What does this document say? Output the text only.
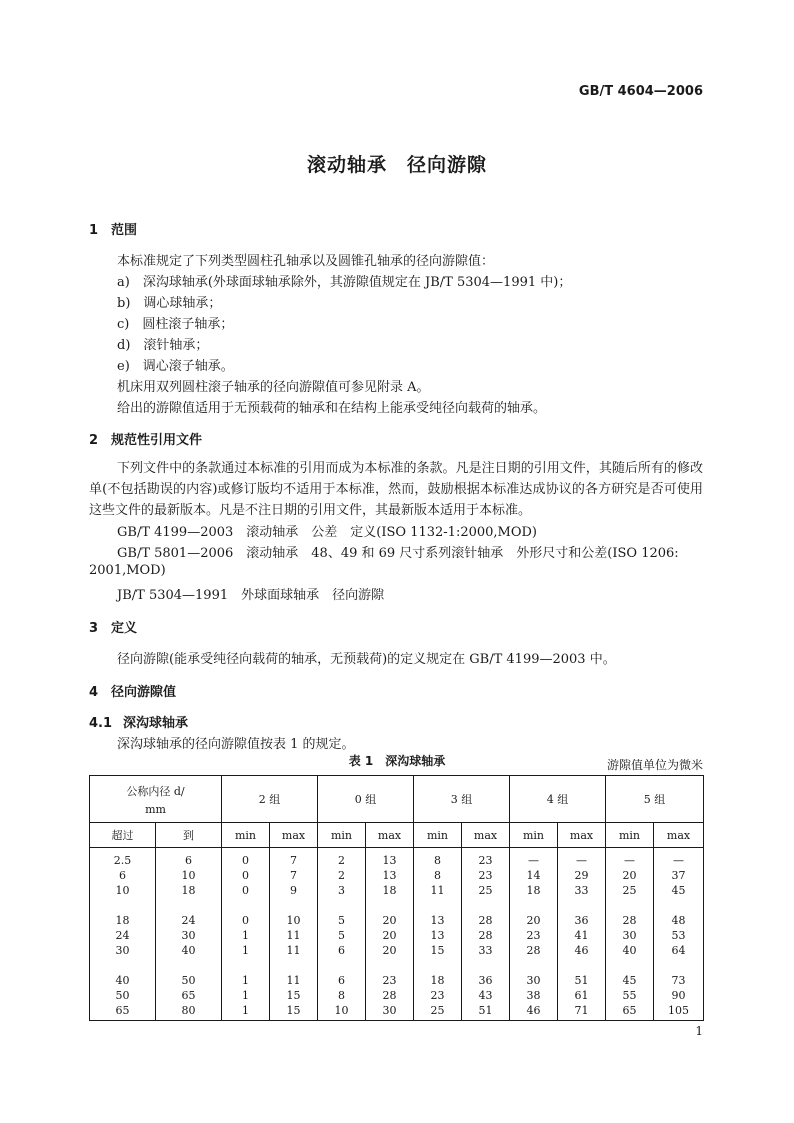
GB/T 4604—2006
滚动轴承　径向游隙
1 范围
本标准规定了下列类型圆柱孔轴承以及圆锥孔轴承的径向游隙值：
a)　深沟球轴承(外球面球轴承除外，其游隙值规定在 JB/T 5304—1991 中)；
b)　调心球轴承；
c)　圆柱滚子轴承；
d)　滚针轴承；
e)　调心滚子轴承。
机床用双列圆柱滚子轴承的径向游隙值可参见附录 A。
给出的游隙值适用于无预载荷的轴承和在结构上能承受纯径向载荷的轴承。
2 规范性引用文件
下列文件中的条款通过本标准的引用而成为本标准的条款。凡是注日期的引用文件，其随后所有的修改单(不包括勘误的内容)或修订版均不适用于本标准，然而，鼓励根据本标准达成协议的各方研究是否可使用这些文件的最新版本。凡是不注日期的引用文件，其最新版本适用于本标准。
GB/T 4199—2003　滚动轴承　公差　定义(ISO 1132-1:2000,MOD)
GB/T 5801—2006　滚动轴承　48、49 和 69 尺寸系列滚针轴承　外形尺寸和公差(ISO 1206:
2001,MOD)
JB/T 5304—1991　外球面球轴承　径向游隙
3 定义
径向游隙(能承受纯径向载荷的轴承，无预载荷)的定义规定在 GB/T 4199—2003 中。
4 径向游隙值
4.1 深沟球轴承
深沟球轴承的径向游隙值按表 1 的规定。
表 1　深沟球轴承	游隙值单位为微米
公称内径 d/
mm		2 组		0 组		3 组		4 组		5 组	
超过	到	min	max	min	max	min	max	min	max	min	max
2.5	6	0	7	2	13	8	23	—	—	—	—
6	10	0	7	2	13	8	23	14	29	20	37
10	18	0	9	3	18	11	25	18	33	25	45

18	24	0	10	5	20	13	28	20	36	28	48
24	30	1	11	5	20	13	28	23	41	30	53
30	40	1	11	6	20	15	33	28	46	40	64

40	50	1	11	6	23	18	36	30	51	45	73
50	65	1	15	8	28	23	43	38	61	55	90
65	80	1	15	10	30	25	51	46	71	65	105
1
